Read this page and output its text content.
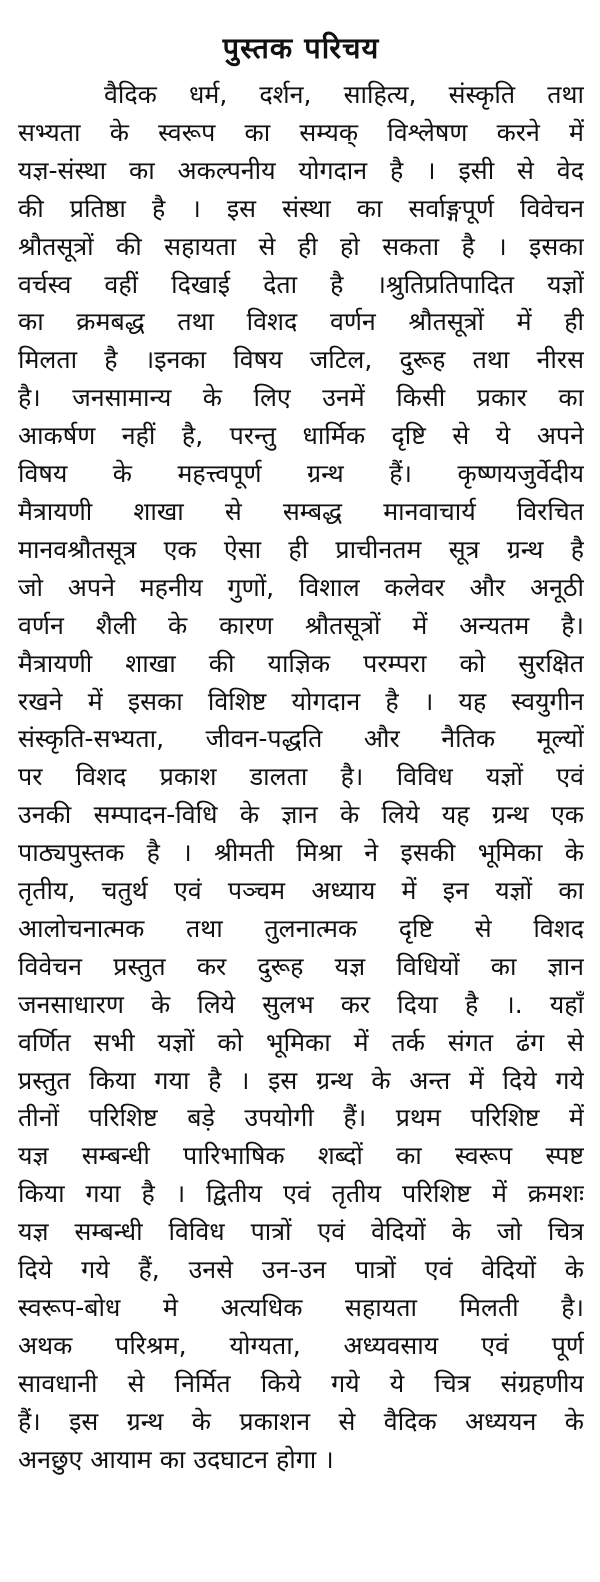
पुस्तक परिचय
वैदिक धर्म, दर्शन, साहित्य, संस्कृति तथा
सभ्यता के स्वरूप का सम्यक् विश्लेषण करने में
यज्ञ-संस्था का अकल्पनीय योगदान है । इसी से वेद
की प्रतिष्ठा है । इस संस्था का सर्वाङ्गपूर्ण विवेचन
श्रौतसूत्रों की सहायता से ही हो सकता है । इसका
वर्चस्व वहीं दिखाई देता है ।श्रुतिप्रतिपादित यज्ञों
का क्रमबद्ध तथा विशद वर्णन श्रौतसूत्रों में ही
मिलता है ।इनका विषय जटिल, दुरूह तथा नीरस
है। जनसामान्य के लिए उनमें किसी प्रकार का
आकर्षण नहीं है, परन्तु धार्मिक दृष्टि से ये अपने
विषय के महत्त्वपूर्ण ग्रन्थ हैं। कृष्णयजुर्वेदीय
मैत्रायणी शाखा से सम्बद्ध मानवाचार्य विरचित
मानवश्रौतसूत्र एक ऐसा ही प्राचीनतम सूत्र ग्रन्थ है
जो अपने महनीय गुणों, विशाल कलेवर और अनूठी
वर्णन शैली के कारण श्रौतसूत्रों में अन्यतम है।
मैत्रायणी शाखा की याज्ञिक परम्परा को सुरक्षित
रखने में इसका विशिष्ट योगदान है । यह स्वयुगीन
संस्कृति-सभ्यता, जीवन-पद्धति और नैतिक मूल्यों
पर विशद प्रकाश डालता है। विविध यज्ञों एवं
उनकी सम्पादन-विधि के ज्ञान के लिये यह ग्रन्थ एक
पाठ्यपुस्तक है । श्रीमती मिश्रा ने इसकी भूमिका के
तृतीय, चतुर्थ एवं पञ्चम अध्याय में इन यज्ञों का
आलोचनात्मक तथा तुलनात्मक दृष्टि से विशद
विवेचन प्रस्तुत कर दुरूह यज्ञ विधियों का ज्ञान
जनसाधारण के लिये सुलभ कर दिया है ।. यहाँ
वर्णित सभी यज्ञों को भूमिका में तर्क संगत ढंग से
प्रस्तुत किया गया है । इस ग्रन्थ के अन्त में दिये गये
तीनों परिशिष्ट बड़े उपयोगी हैं। प्रथम परिशिष्ट में
यज्ञ सम्बन्धी पारिभाषिक शब्दों का स्वरूप स्पष्ट
किया गया है । द्वितीय एवं तृतीय परिशिष्ट में क्रमशः
यज्ञ सम्बन्धी विविध पात्रों एवं वेदियों के जो चित्र
दिये गये हैं, उनसे उन-उन पात्रों एवं वेदियों के
स्वरूप-बोध मे अत्यधिक सहायता मिलती है।
अथक परिश्रम, योग्यता, अध्यवसाय एवं पूर्ण
सावधानी से निर्मित किये गये ये चित्र संग्रहणीय
हैं। इस ग्रन्थ के प्रकाशन से वैदिक अध्ययन के
अनछुए आयाम का उदघाटन होगा ।
